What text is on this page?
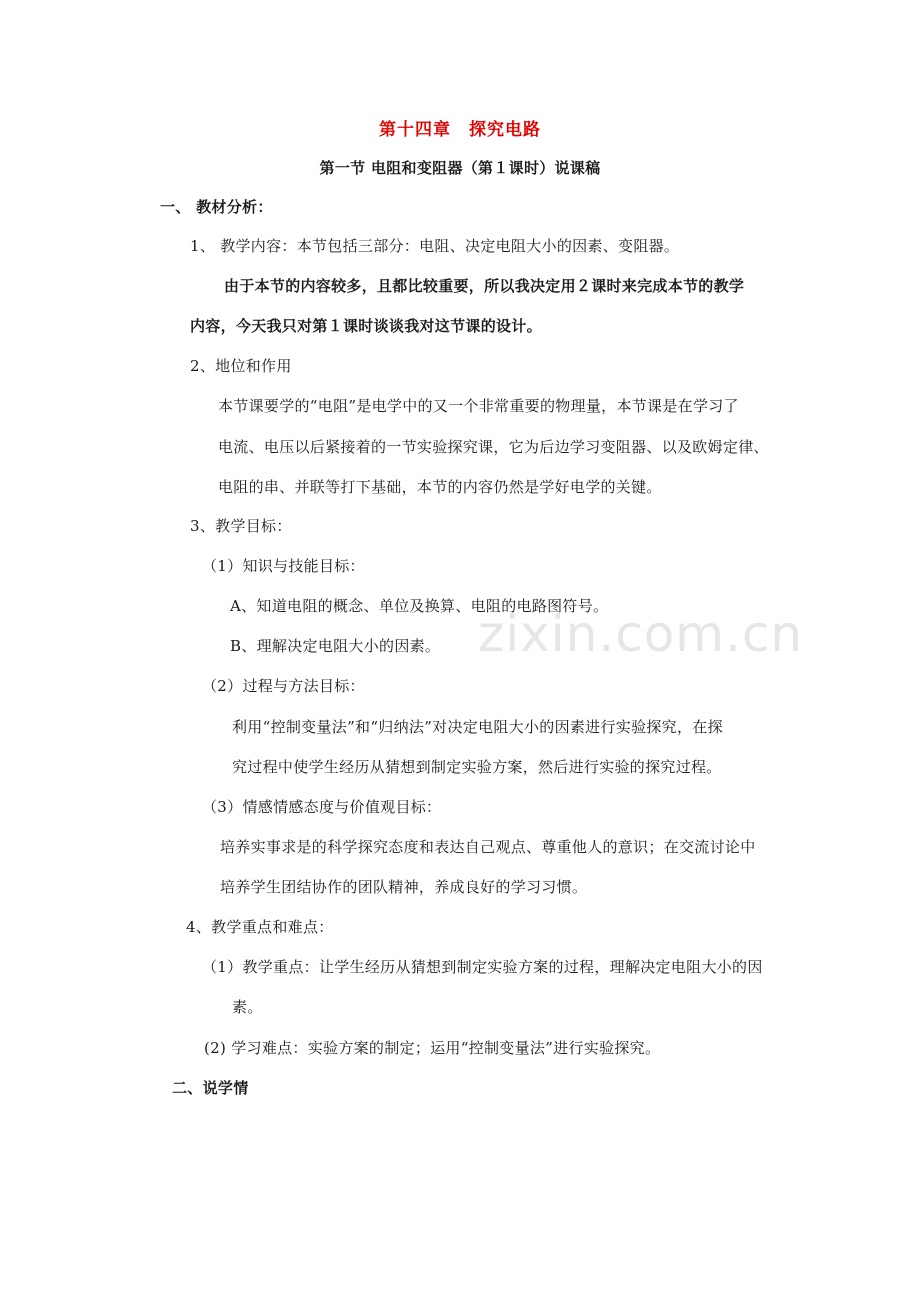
zixin.com.cn
第十四章　探究电路
第一节 电阻和变阻器（第１课时）说课稿
一、 教材分析：
1、 教学内容：本节包括三部分：电阻、决定电阻大小的因素、变阻器。
由于本节的内容较多，且都比较重要，所以我决定用２课时来完成本节的教学
内容，今天我只对第１课时谈谈我对这节课的设计。
2、地位和作用
本节课要学的“电阻”是电学中的又一个非常重要的物理量，本节课是在学习了
电流、电压以后紧接着的一节实验探究课，它为后边学习变阻器、以及欧姆定律、
电阻的串、并联等打下基础，本节的内容仍然是学好电学的关键。
3、教学目标：
（1）知识与技能目标：
A、知道电阻的概念、单位及换算、电阻的电路图符号。
B、理解决定电阻大小的因素。
（2）过程与方法目标：
利用“控制变量法”和“归纳法”对决定电阻大小的因素进行实验探究，在探
究过程中使学生经历从猜想到制定实验方案，然后进行实验的探究过程。
（3）情感情感态度与价值观目标：
培养实事求是的科学探究态度和表达自己观点、尊重他人的意识；在交流讨论中
培养学生团结协作的团队精神，养成良好的学习习惯。
4、教学重点和难点：
（1）教学重点：让学生经历从猜想到制定实验方案的过程，理解决定电阻大小的因
素。
(2) 学习难点：实验方案的制定；运用“控制变量法”进行实验探究。
二、说学情
